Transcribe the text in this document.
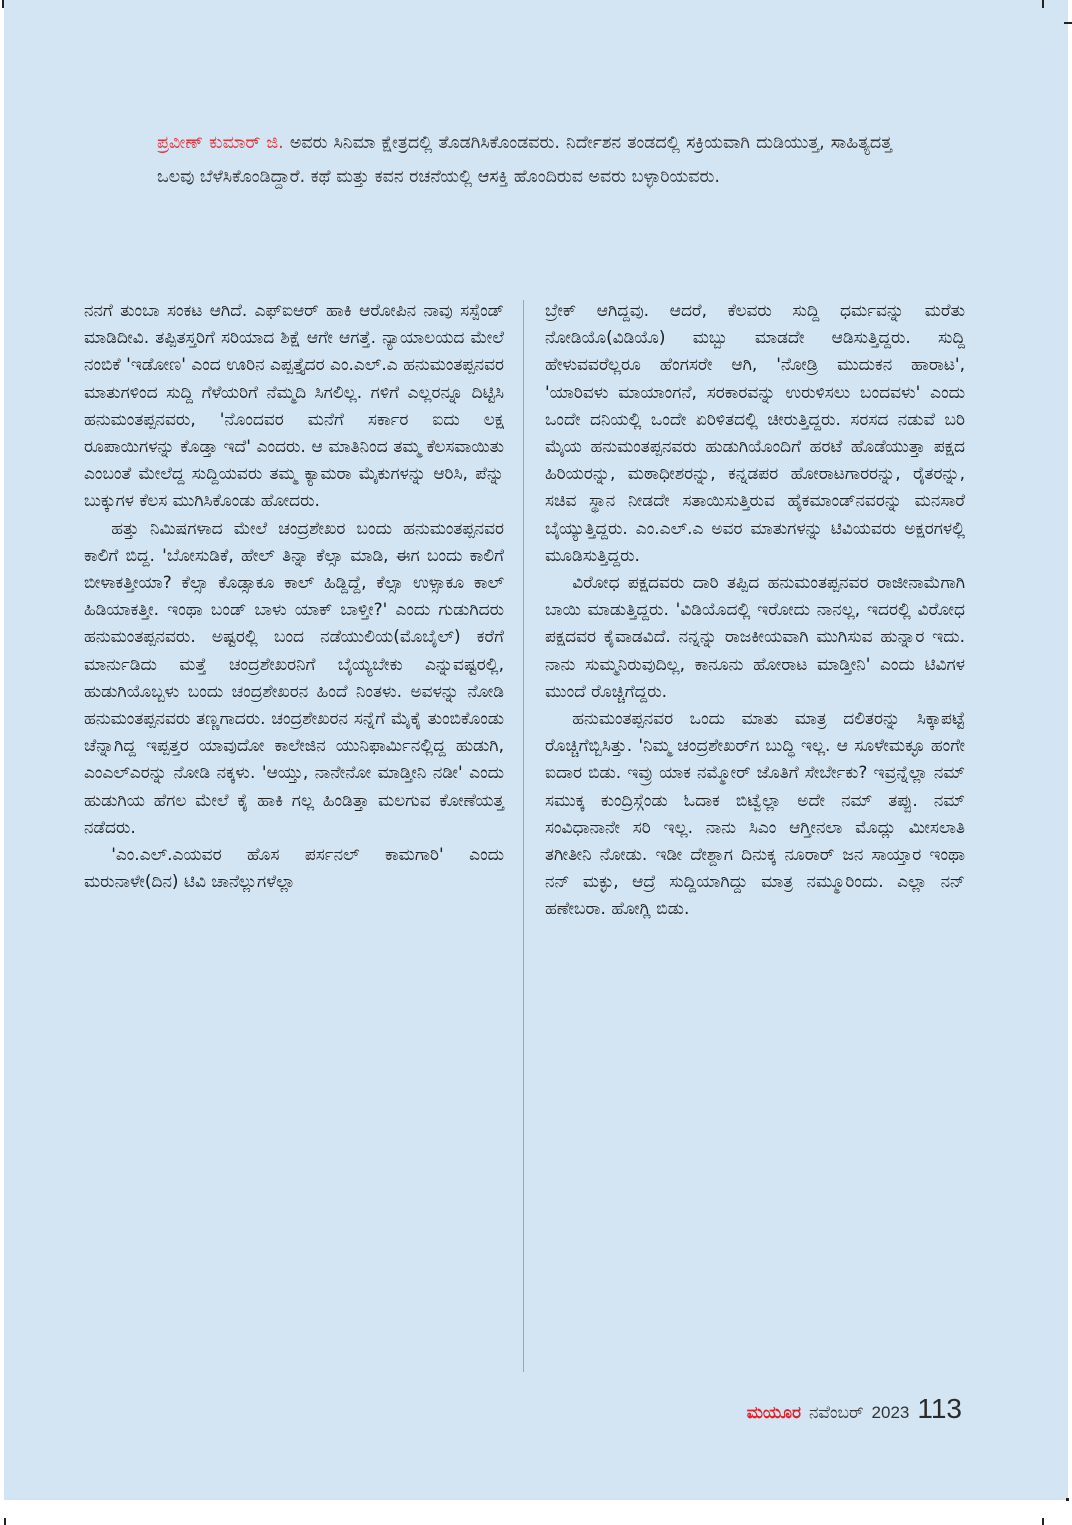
ಪ್ರವೀಣ್ ಕುಮಾರ್ ಜಿ. ಅವರು ಸಿನಿಮಾ ಕ್ಷೇತ್ರದಲ್ಲಿ ತೊಡಗಿಸಿಕೊಂಡವರು. ನಿರ್ದೇಶನ ತಂಡದಲ್ಲಿ ಸಕ್ರಿಯವಾಗಿ ದುಡಿಯುತ್ತ, ಸಾಹಿತ್ಯದತ್ತ ಒಲವು ಬೆಳೆಸಿಕೊಂಡಿದ್ದಾರೆ. ಕಥೆ ಮತ್ತು ಕವನ ರಚನೆಯಲ್ಲಿ ಆಸಕ್ತಿ ಹೊಂದಿರುವ ಅವರು ಬಳ್ಳಾರಿಯವರು.

ನನಗೆ ತುಂಬಾ ಸಂಕಟ ಆಗಿದೆ. ಎಫ್‌ಐಆರ್ ಹಾಕಿ ಆರೋಪಿನ ನಾವು ಸಸ್ಪೆಂಡ್ ಮಾಡಿದೀವಿ. ತಪ್ಪಿತಸ್ತರಿಗೆ ಸರಿಯಾದ ಶಿಕ್ಷೆ ಆಗೇ ಆಗತ್ತೆ. ನ್ಯಾಯಾಲಯದ ಮೇಲೆ ನಂಬಿಕೆ 'ಇಡೋಣ' ಎಂದ ಊರಿನ ಎಪ್ಪತ್ತೈದರ ಎಂ.ಎಲ್.ಎ ಹನುಮಂತಪ್ಪನವರ ಮಾತುಗಳಿಂದ ಸುದ್ದಿ ಗೆಳೆಯರಿಗೆ ನೆಮ್ಮದಿ ಸಿಗಲಿಲ್ಲ. ಗಳಿಗೆ ಎಲ್ಲರನ್ನೂ ದಿಟ್ಟಿಸಿ ಹನುಮಂತಪ್ಪನವರು, 'ನೊಂದವರ ಮನೆಗೆ ಸರ್ಕಾರ ಐದು ಲಕ್ಷ ರೂಪಾಯಿಗಳನ್ನು ಕೊಡ್ತಾ ಇದೆ' ಎಂದರು. ಆ ಮಾತಿನಿಂದ ತಮ್ಮ ಕೆಲಸವಾಯಿತು ಎಂಬಂತೆ ಮೇಲೆದ್ದ ಸುದ್ದಿಯವರು ತಮ್ಮ ಕ್ಯಾಮರಾ ಮೈಕುಗಳನ್ನು ಆರಿಸಿ, ಪೆನ್ನು ಬುಕ್ಕುಗಳ ಕೆಲಸ ಮುಗಿಸಿಕೊಂಡು ಹೋದರು.

ಹತ್ತು ನಿಮಿಷಗಳಾದ ಮೇಲೆ ಚಂದ್ರಶೇಖರ ಬಂದು ಹನುಮಂತಪ್ಪನವರ ಕಾಲಿಗೆ ಬಿದ್ದ. 'ಬೋಸುಡಿಕೆ, ಹೇಲ್ ತಿನ್ನಾ ಕೆಲ್ಸಾ ಮಾಡಿ, ಈಗ ಬಂದು ಕಾಲಿಗೆ ಬೀಳಾಕತ್ತೀಯಾ? ಕೆಲ್ಸಾ ಕೊಡ್ಸಾಕೂ ಕಾಲ್ ಹಿಡ್ದಿದ್ದೆ, ಕೆಲ್ಸಾ ಉಳ್ಸಾಕೂ ಕಾಲ್ ಹಿಡಿಯಾಕತ್ತೀ. ಇಂಥಾ ಬಂಡ್ ಬಾಳು ಯಾಕ್ ಬಾಳ್ತೀ?' ಎಂದು ಗುಡುಗಿದರು ಹನುಮಂತಪ್ಪನವರು. ಅಷ್ಟರಲ್ಲಿ ಬಂದ ನಡೆಯುಲಿಯ(ಮೊಬೈಲ್) ಕರೆಗೆ ಮಾರ್ನುಡಿದು ಮತ್ತೆ ಚಂದ್ರಶೇಖರನಿಗೆ ಬೈಯ್ಯಬೇಕು ಎನ್ನುವಷ್ಟರಲ್ಲಿ, ಹುಡುಗಿಯೊಬ್ಬಳು ಬಂದು ಚಂದ್ರಶೇಖರನ ಹಿಂದೆ ನಿಂತಳು. ಅವಳನ್ನು ನೋಡಿ ಹನುಮಂತಪ್ಪನವರು ತಣ್ಣಗಾದರು. ಚಂದ್ರಶೇಖರನ ಸನ್ನೆಗೆ ಮೈಕೈ ತುಂಬಿಕೊಂಡು ಚೆನ್ನಾಗಿದ್ದ ಇಪ್ಪತ್ತರ ಯಾವುದೋ ಕಾಲೇಜಿನ ಯುನಿಫಾರ್ಮಿನಲ್ಲಿದ್ದ ಹುಡುಗಿ, ಎಂಎಲ್‌ಎರನ್ನು ನೋಡಿ ನಕ್ಕಳು. 'ಆಯ್ತು, ನಾನೇನೋ ಮಾಡ್ತೀನಿ ನಡೀ' ಎಂದು ಹುಡುಗಿಯ ಹೆಗಲ ಮೇಲೆ ಕೈ ಹಾಕಿ ಗಲ್ಲ ಹಿಂಡಿತ್ತಾ ಮಲಗುವ ಕೋಣೆಯತ್ತ ನಡೆದರು.

'ಎಂ.ಎಲ್.ಎಯವರ ಹೊಸ ಪರ್ಸನಲ್ ಕಾಮಗಾರಿ' ಎಂದು ಮರುನಾಳೇ(ದಿನ) ಟಿವಿ ಚಾನೆಲ್ಲುಗಳೆಲ್ಲಾ

ಬ್ರೇಕ್ ಆಗಿದ್ದವು. ಆದರೆ, ಕೆಲವರು ಸುದ್ದಿ ಧರ್ಮವನ್ನು ಮರೆತು ನೋಡಿಯೊ(ವಿಡಿಯೊ) ಮಬ್ಬು ಮಾಡದೇ ಆಡಿಸುತ್ತಿದ್ದರು. ಸುದ್ದಿ ಹೇಳುವವರೆಲ್ಲರೂ ಹೆಂಗಸರೇ ಆಗಿ, 'ನೋಡ್ರಿ ಮುದುಕನ ಹಾರಾಟ', 'ಯಾರಿವಳು ಮಾಯಾಂಗನೆ, ಸರಕಾರವನ್ನು ಉರುಳಿಸಲು ಬಂದವಳು' ಎಂದು ಒಂದೇ ದನಿಯಲ್ಲಿ ಒಂದೇ ಏರಿಳಿತದಲ್ಲಿ ಚೀರುತ್ತಿದ್ದರು. ಸರಸದ ನಡುವೆ ಬರಿ ಮೈಯ ಹನುಮಂತಪ್ಪನವರು ಹುಡುಗಿಯೊಂದಿಗೆ ಹರಟೆ ಹೊಡೆಯುತ್ತಾ ಪಕ್ಷದ ಹಿರಿಯರನ್ನು, ಮಠಾಧೀಶರನ್ನು, ಕನ್ನಡಪರ ಹೋರಾಟಗಾರರನ್ನು, ರೈತರನ್ನು, ಸಚಿವ ಸ್ಥಾನ ನೀಡದೇ ಸತಾಯಿಸುತ್ತಿರುವ ಹೈಕಮಾಂಡ್‌ನವರನ್ನು ಮನಸಾರೆ ಬೈಯ್ಯುತ್ತಿದ್ದರು. ಎಂ.ಎಲ್.ಎ ಅವರ ಮಾತುಗಳನ್ನು ಟಿವಿಯವರು ಅಕ್ಷರಗಳಲ್ಲಿ ಮೂಡಿಸುತ್ತಿದ್ದರು.

ವಿರೋಧ ಪಕ್ಷದವರು ದಾರಿ ತಪ್ಪಿದ ಹನುಮಂತಪ್ಪನವರ ರಾಜೀನಾಮೆಗಾಗಿ ಬಾಯಿ ಮಾಡುತ್ತಿದ್ದರು. 'ವಿಡಿಯೊದಲ್ಲಿ ಇರೋದು ನಾನಲ್ಲ, ಇದರಲ್ಲಿ ವಿರೋಧ ಪಕ್ಷದವರ ಕೈವಾಡವಿದೆ. ನನ್ನನ್ನು ರಾಜಕೀಯವಾಗಿ ಮುಗಿಸುವ ಹುನ್ನಾರ ಇದು. ನಾನು ಸುಮ್ಮನಿರುವುದಿಲ್ಲ, ಕಾನೂನು ಹೋರಾಟ ಮಾಡ್ತೀನಿ' ಎಂದು ಟಿವಿಗಳ ಮುಂದೆ ರೊಚ್ಚಿಗೆದ್ದರು.

ಹನುಮಂತಪ್ಪನವರ ಒಂದು ಮಾತು ಮಾತ್ರ ದಲಿತರನ್ನು ಸಿಕ್ಕಾಪಟ್ಟೆ ರೊಚ್ಚಿಗೆಬ್ಬಿಸಿತ್ತು. 'ನಿಮ್ಮ ಚಂದ್ರಶೇಖರ್‌ಗ ಬುದ್ಧಿ ಇಲ್ಲ. ಆ ಸೂಳೇಮಕ್ಳೂ ಹಂಗೇ ಐದಾರ ಬಿಡು. ಇವ್ರು ಯಾಕ ನಮ್ಮೋರ್ ಜೊತಿಗೆ ಸೇರ್ಬೇಕು? ಇವ್ರನ್ನೆಲ್ಲಾ ನಮ್ ಸಮುಕ್ಕ ಕುಂದ್ರಿಸ್ಗೆಂಡು ಓದಾಕ ಬಿಟ್ವೆಲ್ಲಾ ಅದೇ ನಮ್ ತಪ್ಪು. ನಮ್ ಸಂವಿಧಾನಾನೇ ಸರಿ ಇಲ್ಲ. ನಾನು ಸಿಎಂ ಆಗ್ತೀನಲಾ ಮೊದ್ಲು ಮೀಸಲಾತಿ ತಗೀತೀನಿ ನೋಡು. ಇಡೀ ದೇಶ್ದಾಗ ದಿನುಕ್ಕ ನೂರಾರ್ ಜನ ಸಾಯ್ತಾರ ಇಂಥಾ ನನ್ ಮಕ್ಳು, ಆದ್ರೆ ಸುದ್ದಿಯಾಗಿದ್ದು ಮಾತ್ರ ನಮ್ಮೂರಿಂದು. ಎಲ್ಲಾ ನನ್ ಹಣೇಬರಾ. ಹೋಗ್ಲಿ ಬಿಡು.

ಮಯೂರ ನವೆಂಬರ್ 2023 113
